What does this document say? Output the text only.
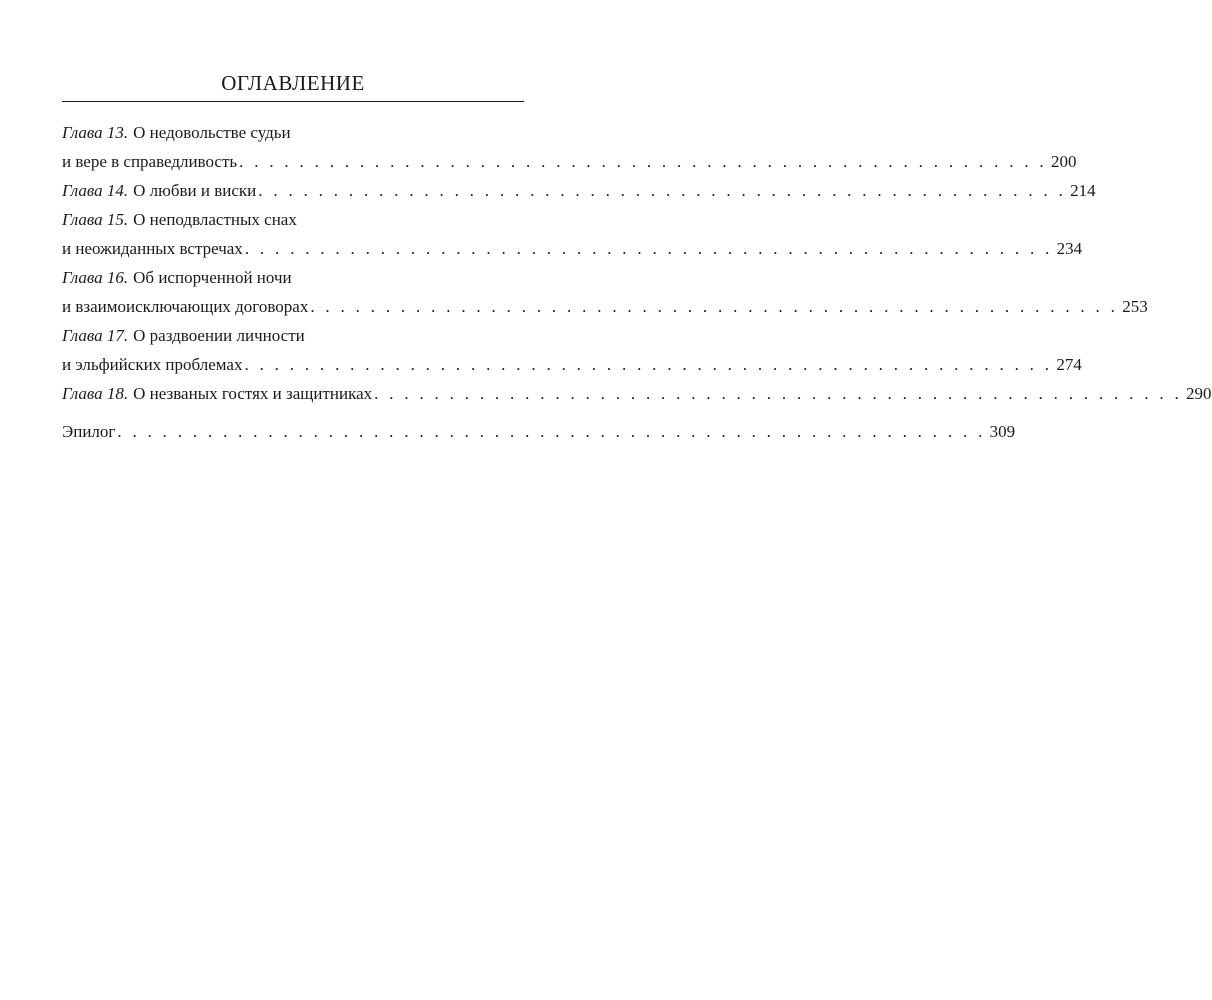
ОГЛАВЛЕНИЕ
Глава 13. О недовольстве судьи
и вере в справедливость . . . . . . . . . . . . . . . . . . . . . . . . . . . . . . . . . . . . . . . . . . . . . . . . . . . . . . 200
Глава 14. О любви и виски . . . . . . . . . . . . . . . . . . . . . . . . . . . . . . . . . . . . . . . . . . . . . . . . . . . . . . 214
Глава 15. О неподвластных снах
и неожиданных встречах . . . . . . . . . . . . . . . . . . . . . . . . . . . . . . . . . . . . . . . . . . . . . . . . . . . . . . 234
Глава 16. Об испорченной ночи
и взаимоисключающих договорах . . . . . . . . . . . . . . . . . . . . . . . . . . . . . . . . . . . . . . . . . . . . . . . . . . . . . . 253
Глава 17. О раздвоении личности
и эльфийских проблемах . . . . . . . . . . . . . . . . . . . . . . . . . . . . . . . . . . . . . . . . . . . . . . . . . . . . . . 274
Глава 18. О незваных гостях и защитниках . . . . . . . . . . . . . . . . . . . . . . . . . . . . . . . . . . . . . . . . . . . . . . . . . . . . . . 290
Эпилог . . . . . . . . . . . . . . . . . . . . . . . . . . . . . . . . . . . . . . . . . . . . . . . . . . . . . . . . . . 309
